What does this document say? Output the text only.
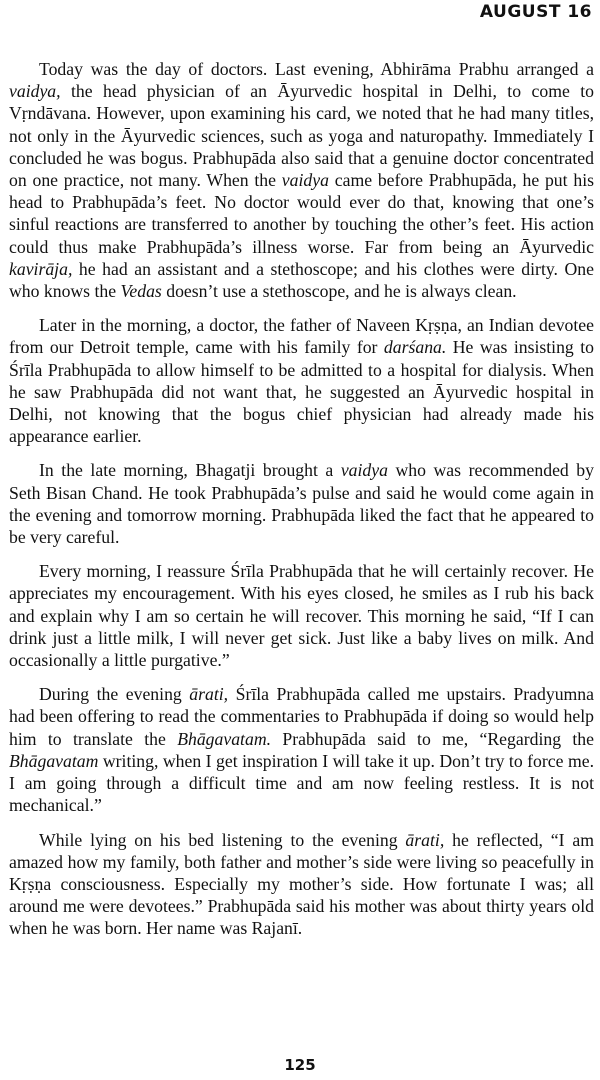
AUGUST 16

Today was the day of doctors. Last evening, Abhirāma Prabhu arranged a vaidya, the head physician of an Āyurvedic hospital in Delhi, to come to Vṛndāvana. However, upon examining his card, we noted that he had many titles, not only in the Āyurvedic sciences, such as yoga and naturopathy. Immediately I concluded he was bogus. Prabhupāda also said that a genuine doctor concentrated on one practice, not many. When the vaidya came before Prabhupāda, he put his head to Prabhupāda’s feet. No doctor would ever do that, knowing that one’s sinful reactions are transferred to another by touching the other’s feet. His action could thus make Prabhupāda’s illness worse. Far from being an Āyurvedic kavirāja, he had an assistant and a stethoscope; and his clothes were dirty. One who knows the Vedas doesn’t use a stethoscope, and he is always clean.

Later in the morning, a doctor, the father of Naveen Kṛṣṇa, an Indian devotee from our Detroit temple, came with his family for darśana. He was insisting to Śrīla Prabhupāda to allow himself to be admitted to a hospital for dialysis. When he saw Prabhupāda did not want that, he suggested an Āyurvedic hospital in Delhi, not knowing that the bogus chief physician had already made his appearance earlier.

In the late morning, Bhagatji brought a vaidya who was recommended by Seth Bisan Chand. He took Prabhupāda’s pulse and said he would come again in the evening and tomorrow morning. Prabhupāda liked the fact that he appeared to be very careful.

Every morning, I reassure Śrīla Prabhupāda that he will certainly recover. He appreciates my encouragement. With his eyes closed, he smiles as I rub his back and explain why I am so certain he will recover. This morning he said, “If I can drink just a little milk, I will never get sick. Just like a baby lives on milk. And occasionally a little purgative.”

During the evening ārati, Śrīla Prabhupāda called me upstairs. Pradyumna had been offering to read the commentaries to Prabhupāda if doing so would help him to translate the Bhāgavatam. Prabhupāda said to me, “Regarding the Bhāgavatam writing, when I get inspiration I will take it up. Don’t try to force me. I am going through a difficult time and am now feeling restless. It is not mechanical.”

While lying on his bed listening to the evening ārati, he reflected, “I am amazed how my family, both father and mother’s side were living so peacefully in Kṛṣṇa consciousness. Especially my mother’s side. How fortunate I was; all around me were devotees.” Prabhupāda said his mother was about thirty years old when he was born. Her name was Rajanī.

125
